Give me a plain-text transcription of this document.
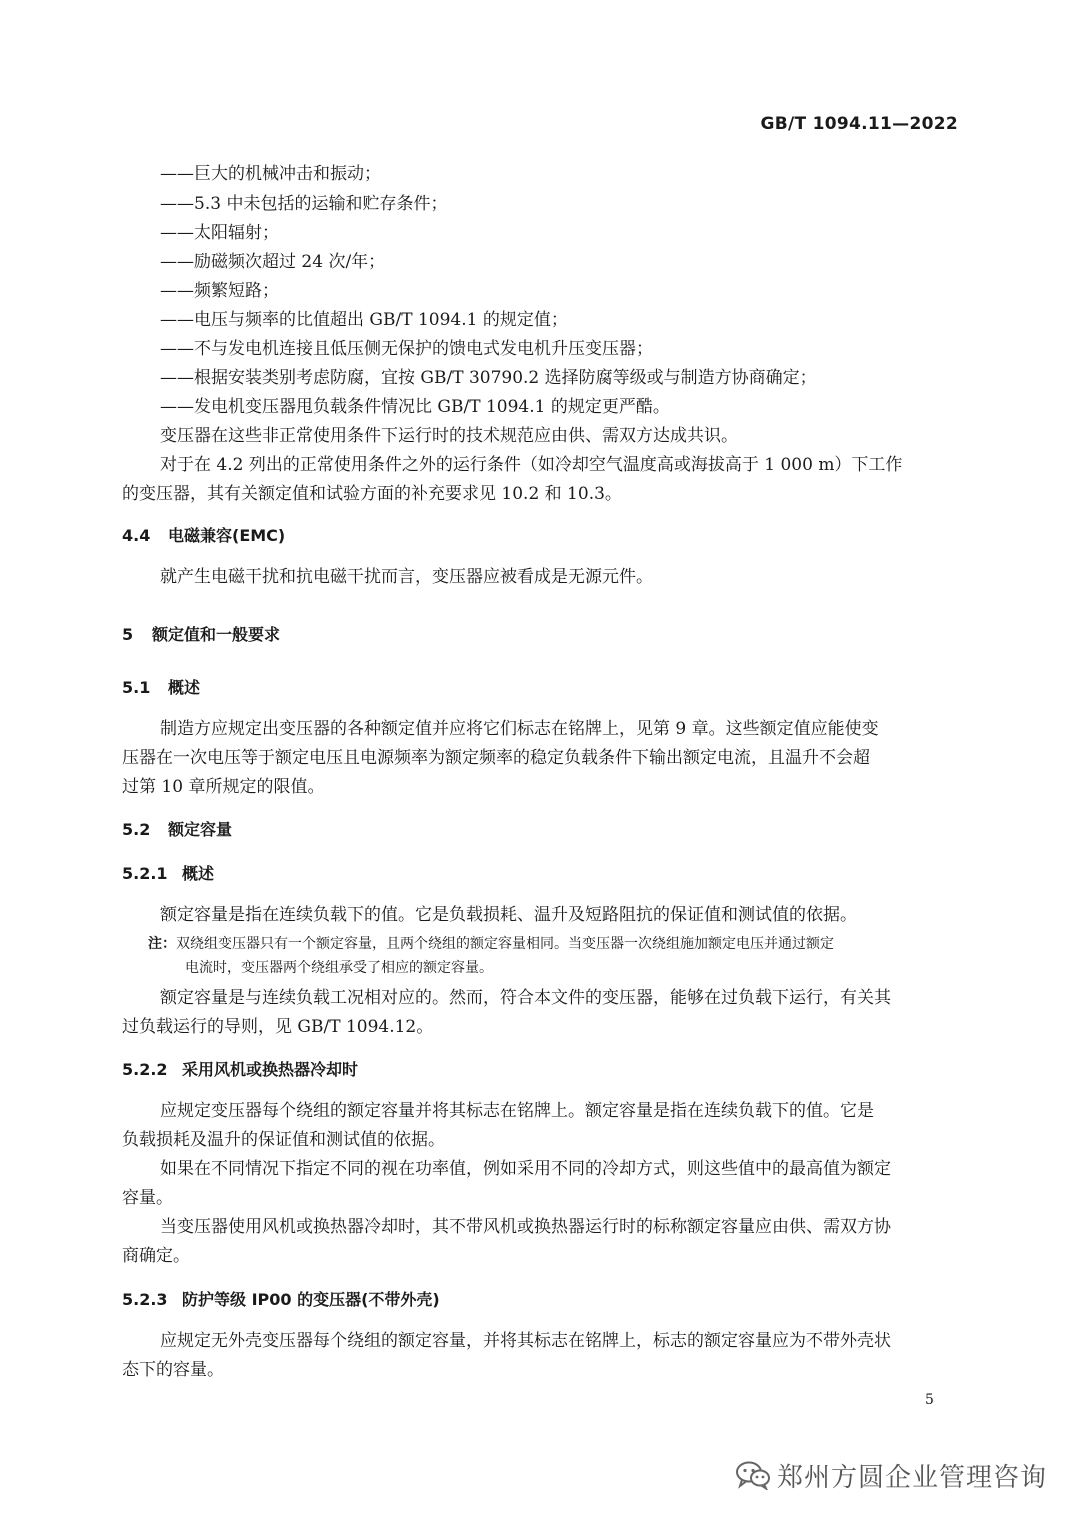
GB/T 1094.11—2022
——巨大的机械冲击和振动；
——5.3 中未包括的运输和贮存条件；
——太阳辐射；
——励磁频次超过 24 次/年；
——频繁短路；
——电压与频率的比值超出 GB/T 1094.1 的规定值；
——不与发电机连接且低压侧无保护的馈电式发电机升压变压器；
——根据安装类别考虑防腐，宜按 GB/T 30790.2 选择防腐等级或与制造方协商确定；
——发电机变压器甩负载条件情况比 GB/T 1094.1 的规定更严酷。
变压器在这些非正常使用条件下运行时的技术规范应由供、需双方达成共识。
对于在 4.2 列出的正常使用条件之外的运行条件（如冷却空气温度高或海拔高于 1 000 m）下工作
的变压器，其有关额定值和试验方面的补充要求见 10.2 和 10.3。
4.4 电磁兼容(EMC)
就产生电磁干扰和抗电磁干扰而言，变压器应被看成是无源元件。
5 额定值和一般要求
5.1 概述
制造方应规定出变压器的各种额定值并应将它们标志在铭牌上，见第 9 章。这些额定值应能使变
压器在一次电压等于额定电压且电源频率为额定频率的稳定负载条件下输出额定电流，且温升不会超
过第 10 章所规定的限值。
5.2 额定容量
5.2.1 概述
额定容量是指在连续负载下的值。它是负载损耗、温升及短路阻抗的保证值和测试值的依据。
注：双绕组变压器只有一个额定容量，且两个绕组的额定容量相同。当变压器一次绕组施加额定电压并通过额定
电流时，变压器两个绕组承受了相应的额定容量。
额定容量是与连续负载工况相对应的。然而，符合本文件的变压器，能够在过负载下运行，有关其
过负载运行的导则，见 GB/T 1094.12。
5.2.2 采用风机或换热器冷却时
应规定变压器每个绕组的额定容量并将其标志在铭牌上。额定容量是指在连续负载下的值。它是
负载损耗及温升的保证值和测试值的依据。
如果在不同情况下指定不同的视在功率值，例如采用不同的冷却方式，则这些值中的最高值为额定
容量。
当变压器使用风机或换热器冷却时，其不带风机或换热器运行时的标称额定容量应由供、需双方协
商确定。
5.2.3 防护等级 IP00 的变压器(不带外壳)
应规定无外壳变压器每个绕组的额定容量，并将其标志在铭牌上，标志的额定容量应为不带外壳状
态下的容量。
5
郑州方圆企业管理咨询
